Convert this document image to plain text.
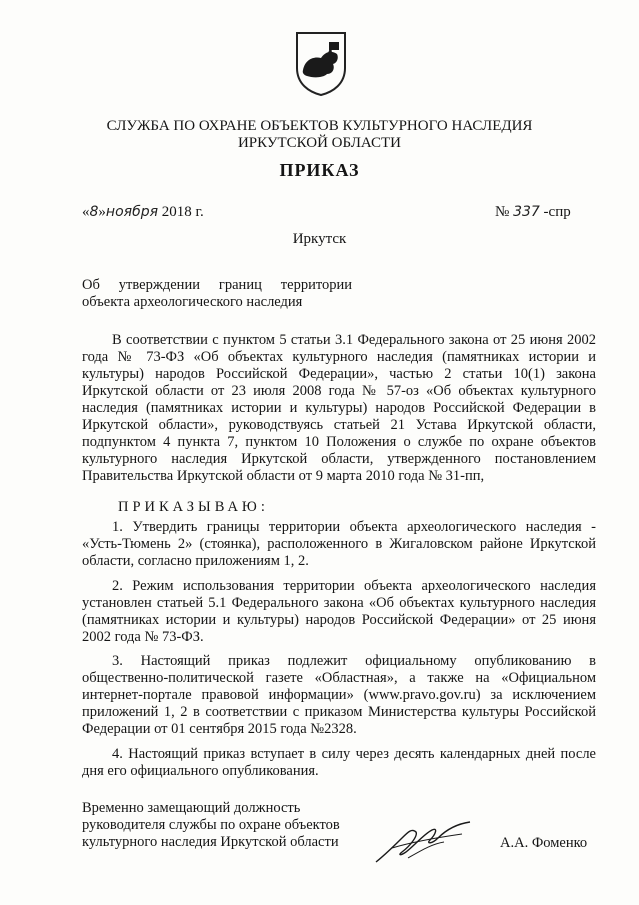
СЛУЖБА ПО ОХРАНЕ ОБЪЕКТОВ КУЛЬТУРНОГО НАСЛЕДИЯ
ИРКУТСКОЙ ОБЛАСТИ
ПРИКАЗ
«8»ноября 2018 г.	№ 337 -спр
Иркутск
Об утверждении границ территории
объекта археологического наследия

В соответствии с пунктом 5 статьи 3.1 Федерального закона от 25 июня 2002 года № 73-ФЗ «Об объектах культурного наследия (памятниках истории и культуры) народов Российской Федерации», частью 2 статьи 10(1) закона Иркутской области от 23 июля 2008 года № 57-оз «Об объектах культурного наследия (памятниках истории и культуры) народов Российской Федерации в Иркутской области», руководствуясь статьей 21 Устава Иркутской области, подпунктом 4 пункта 7, пунктом 10 Положения о службе по охране объектов культурного наследия Иркутской области, утвержденного постановлением Правительства Иркутской области от 9 марта 2010 года № 31-пп,

ПРИКАЗЫВАЮ:

1. Утвердить границы территории объекта археологического наследия - «Усть-Тюмень 2» (стоянка), расположенного в Жигаловском районе Иркутской области, согласно приложениям 1, 2.

2. Режим использования территории объекта археологического наследия установлен статьей 5.1 Федерального закона «Об объектах культурного наследия (памятниках истории и культуры) народов Российской Федерации» от 25 июня 2002 года № 73-ФЗ.

3. Настоящий приказ подлежит официальному опубликованию в общественно-политической газете «Областная», а также на «Официальном интернет-портале правовой информации» (www.pravo.gov.ru) за исключением приложений 1, 2 в соответствии с приказом Министерства культуры Российской Федерации от 01 сентября 2015 года №2328.

4. Настоящий приказ вступает в силу через десять календарных дней после дня его официального опубликования.

Временно замещающий должность
руководителя службы по охране объектов
культурного наследия Иркутской области	А.А. Фоменко
